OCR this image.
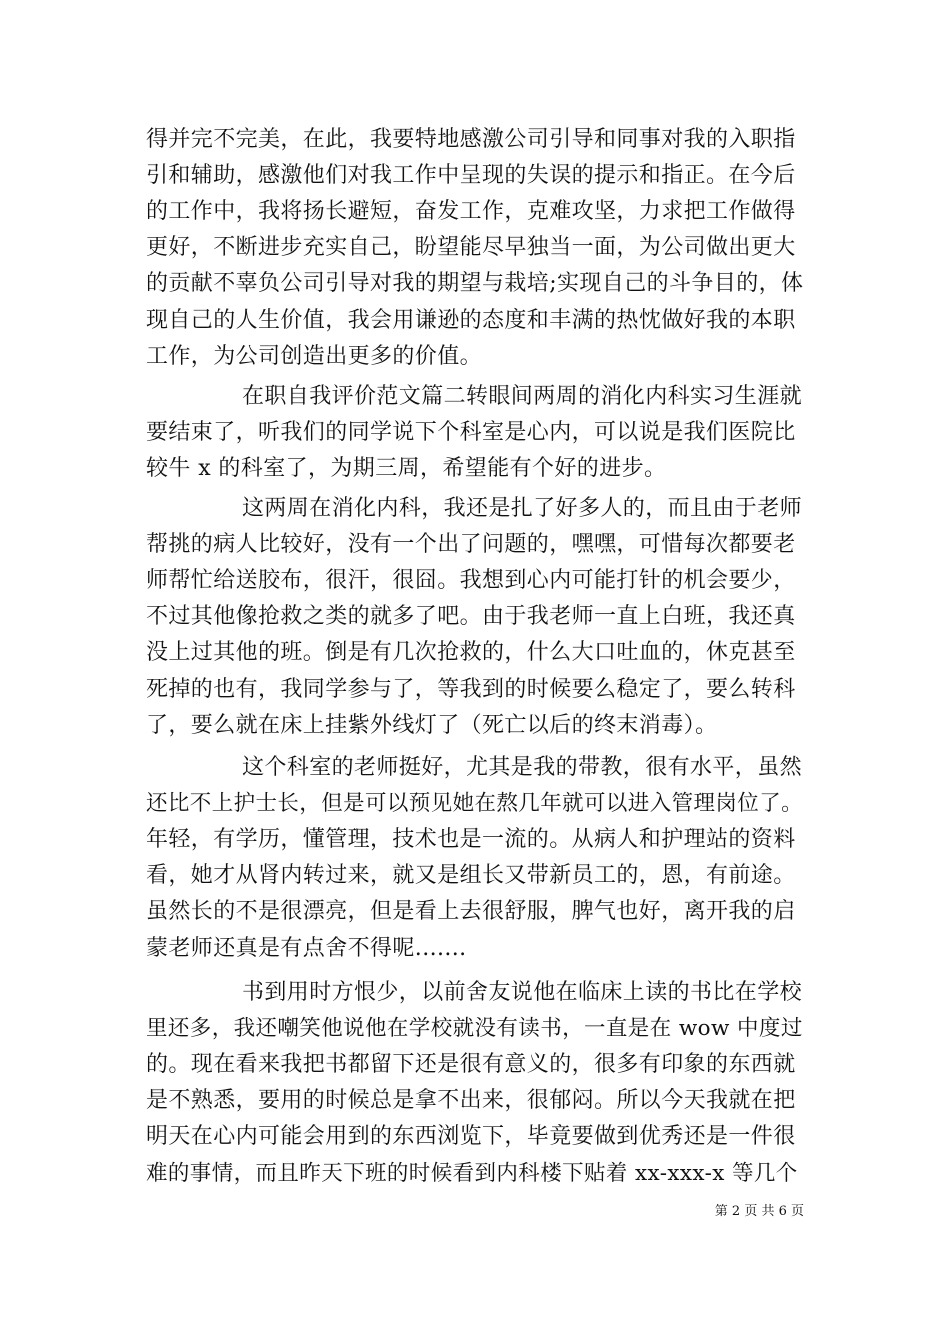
得并完不完美，在此，我要特地感激公司引导和同事对我的入职指
引和辅助，感激他们对我工作中呈现的失误的提示和指正。在今后
的工作中，我将扬长避短，奋发工作，克难攻坚，力求把工作做得
更好，不断进步充实自己，盼望能尽早独当一面，为公司做出更大
的贡献不辜负公司引导对我的期望与栽培;实现自己的斗争目的，体
现自己的人生价值，我会用谦逊的态度和丰满的热忱做好我的本职
工作，为公司创造出更多的价值。
在职自我评价范文篇二转眼间两周的消化内科实习生涯就
要结束了，听我们的同学说下个科室是心内，可以说是我们医院比
较牛 x 的科室了，为期三周，希望能有个好的进步。
这两周在消化内科，我还是扎了好多人的，而且由于老师
帮挑的病人比较好，没有一个出了问题的，嘿嘿，可惜每次都要老
师帮忙给送胶布，很汗，很囧。我想到心内可能打针的机会要少，
不过其他像抢救之类的就多了吧。由于我老师一直上白班，我还真
没上过其他的班。倒是有几次抢救的，什么大口吐血的，休克甚至
死掉的也有，我同学参与了，等我到的时候要么稳定了，要么转科
了，要么就在床上挂紫外线灯了（死亡以后的终末消毒）。
这个科室的老师挺好，尤其是我的带教，很有水平，虽然
还比不上护士长，但是可以预见她在熬几年就可以进入管理岗位了。
年轻，有学历，懂管理，技术也是一流的。从病人和护理站的资料
看，她才从肾内转过来，就又是组长又带新员工的，恩，有前途。
虽然长的不是很漂亮，但是看上去很舒服，脾气也好，离开我的启
蒙老师还真是有点舍不得呢.......
书到用时方恨少，以前舍友说他在临床上读的书比在学校
里还多，我还嘲笑他说他在学校就没有读书，一直是在 wow 中度过
的。现在看来我把书都留下还是很有意义的，很多有印象的东西就
是不熟悉，要用的时候总是拿不出来，很郁闷。所以今天我就在把
明天在心内可能会用到的东西浏览下，毕竟要做到优秀还是一件很
难的事情，而且昨天下班的时候看到内科楼下贴着 xx-xxx-x 等几个
第 2 页 共 6 页
